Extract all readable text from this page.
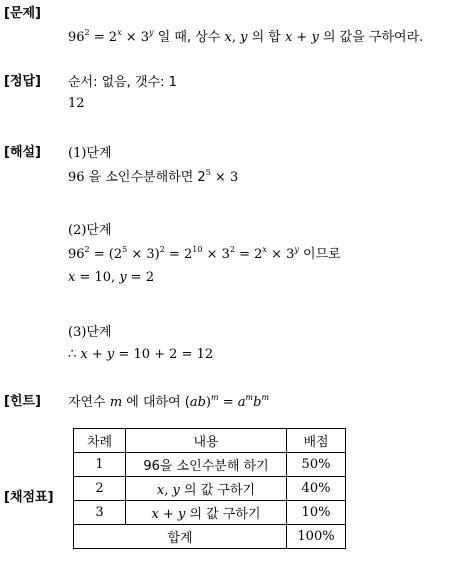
[문제]
[정답]
[해설]
[힌트]
[채점표]
$96^2 = 2^x \times 3^y$ 일 때, 상수 x, y 의 합 x + y 의 값을 구하여라.
순서: 없음, 갯수: 1
12
(1)단계
96 을 소인수분해하면 $2^5 \times 3$
(2)단계
$96^2 = (2^5 \times 3)^2 = 2^{10} \times 3^2 = 2^x \times 3^y$ 이므로
x = 10, y = 2
(3)단계
∴ x + y = 10 + 2 = 12
자연수 m 에 대하여 $(ab)^m = a^mb^m$
차례	내용	배점
1	96을 소인수분해 하기	50%
2	x, y 의 값 구하기	40%
3	x + y 의 값 구하기	10%
합계		100%
